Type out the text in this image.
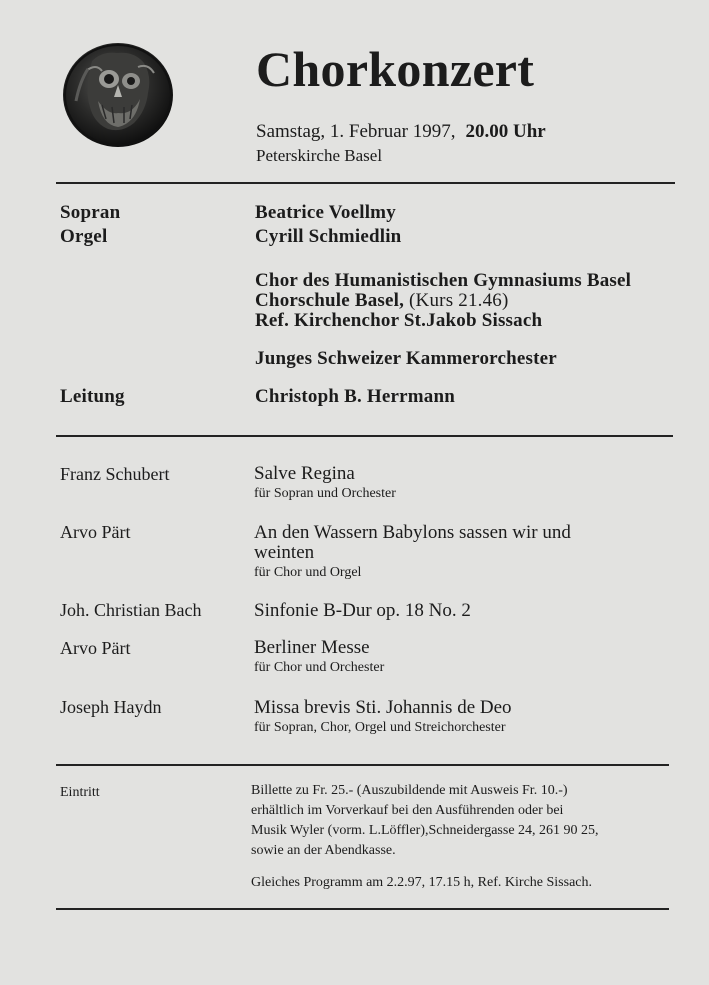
Chorkonzert
Samstag, 1. Februar 1997, 20.00 Uhr
Peterskirche Basel
Sopran	Beatrice Voellmy
Orgel	Cyrill Schmiedlin
Chor des Humanistischen Gymnasiums Basel
Chorschule Basel, (Kurs 21.46)
Ref. Kirchenchor St.Jakob Sissach
Junges Schweizer Kammerorchester
Leitung	Christoph B. Herrmann
Franz Schubert	Salve Regina
für Sopran und Orchester
Arvo Pärt	An den Wassern Babylons sassen wir und weinten
für Chor und Orgel
Joh. Christian Bach	Sinfonie B-Dur op. 18 No. 2
Arvo Pärt	Berliner Messe
für Chor und Orchester
Joseph Haydn	Missa brevis Sti. Johannis de Deo
für Sopran, Chor, Orgel und Streichorchester
Eintritt	Billette zu Fr. 25.- (Auszubildende mit Ausweis Fr. 10.-)
erhältlich im Vorverkauf bei den Ausführenden oder bei
Musik Wyler (vorm. L.Löffler),Schneidergasse 24, 261 90 25,
sowie an der Abendkasse.
Gleiches Programm am 2.2.97, 17.15 h, Ref. Kirche Sissach.
